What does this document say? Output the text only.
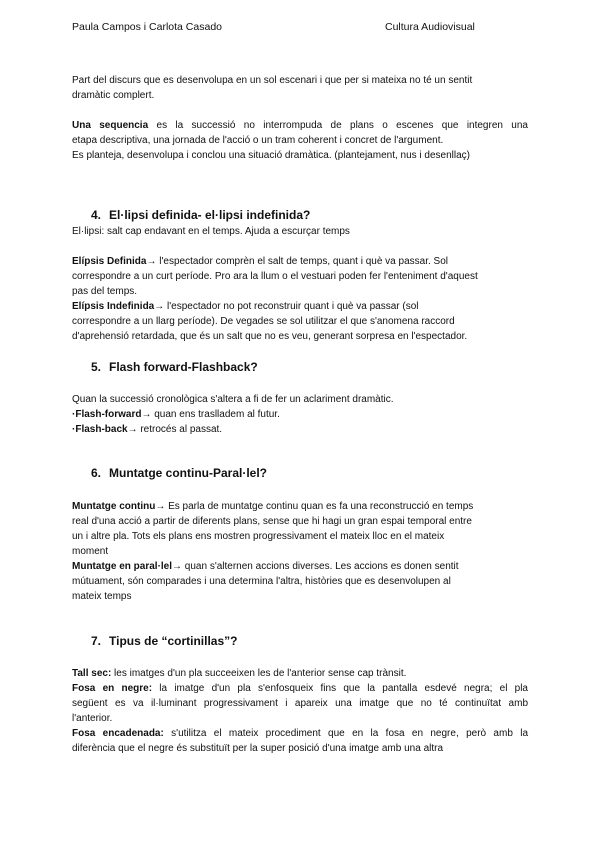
Paula Campos i Carlota Casado	Cultura Audiovisual
Part del discurs que es desenvolupa en un sol escenari i que per si mateixa no té un sentit
dramàtic complert.
Una sequencia es la successió no interrompuda de plans o escenes que integren una
etapa descriptiva, una jornada de l'acció o un tram coherent i concret de l'argument.
Es planteja, desenvolupa i conclou una situació dramàtica. (plantejament, nus i desenllaç)
4. El·lipsi definida- el·lipsi indefinida?
El·lipsi: salt cap endavant en el temps. Ajuda a escurçar temps
Elípsis Definida→ l'espectador comprèn el salt de temps, quant i què va passar. Sol
correspondre a un curt període. Pro ara la llum o el vestuari poden fer l'enteniment d'aquest
pas del temps.
Elípsis Indefinida→ l'espectador no pot reconstruir quant i què va passar (sol
correspondre a un llarg període). De vegades se sol utilitzar el que s'anomena raccord
d'aprehensió retardada, que és un salt que no es veu, generant sorpresa en l'espectador.
5. Flash forward-Flashback?
Quan la successió cronològica s'altera a fi de fer un aclariment dramàtic.
·Flash-forward→ quan ens traslladem al futur.
·Flash-back→ retrocés al passat.
6. Muntatge continu-Paral·lel?
Muntatge continu→ Es parla de muntatge continu quan es fa una reconstrucció en temps
real d'una acció a partir de diferents plans, sense que hi hagi un gran espai temporal entre
un i altre pla. Tots els plans ens mostren progressivament el mateix lloc en el mateix
moment
Muntatge en paral·lel→ quan s'alternen accions diverses. Les accions es donen sentit
mútuament, són comparades i una determina l'altra, històries que es desenvolupen al
mateix temps
7. Tipus de “cortinillas”?
Tall sec: les imatges d'un pla succeeixen les de l'anterior sense cap trànsit.
Fosa en negre: la imatge d'un pla s'enfosqueix fins que la pantalla esdevé negra; el pla
següent es va il·luminant progressivament i apareix una imatge que no té continuïtat amb
l'anterior.
Fosa encadenada: s'utilitza el mateix procediment que en la fosa en negre, però amb la
diferència que el negre és substituït per la super posició d'una imatge amb una altra
